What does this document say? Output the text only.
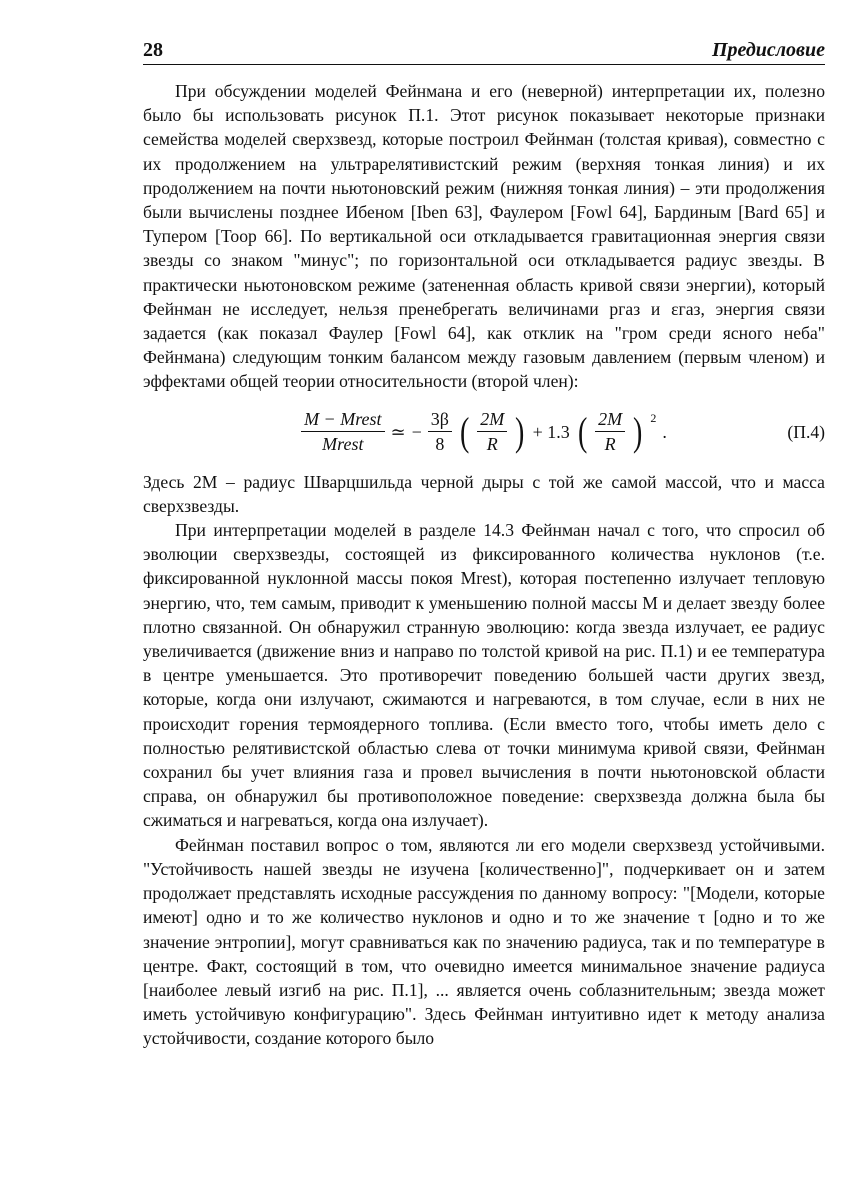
28	Предисловие

При обсуждении моделей Фейнмана и его (неверной) интерпретации их, полезно было бы использовать рисунок П.1. Этот рисунок показывает некоторые признаки семейства моделей сверхзвезд, которые построил Фейнман (толстая кривая), совместно с их продолжением на ультрарелятивистский режим (верхняя тонкая линия) и их продолжением на почти ньютоновский режим (нижняя тонкая линия) – эти продолжения были вычислены позднее Ибеном [Iben 63], Фаулером [Fowl 64], Бардиным [Bard 65] и Тупером [Toop 66]. По вертикальной оси откладывается гравитационная энергия связи звезды со знаком "минус"; по горизонтальной оси откладывается радиус звезды. В практически ньютоновском режиме (затененная область кривой связи энергии), который Фейнман не исследует, нельзя пренебрегать величинами pгаз и εгаз, энергия связи задается (как показал Фаулер [Fowl 64], как отклик на "гром среди ясного неба" Фейнмана) следующим тонким балансом между газовым давлением (первым членом) и эффектами общей теории относительности (второй член):

$\frac{\text{M − Mrest}}{\text{Mrest}}$ ≃ − $\frac{3\beta}{8}$ ( $\frac{2M}{R}$ ) + 1.3 ( $\frac{2M}{R}$ ) 2
.	(П.4)

Здесь 2M – радиус Шварцшильда черной дыры с той же самой массой, что и масса сверхзвезды.

При интерпретации моделей в разделе 14.3 Фейнман начал с того, что спросил об эволюции сверхзвезды, состоящей из фиксированного количества нуклонов (т.е. фиксированной нуклонной массы покоя Mrest), которая постепенно излучает тепловую энергию, что, тем самым, приводит к уменьшению полной массы M и делает звезду более плотно связанной. Он обнаружил странную эволюцию: когда звезда излучает, ее радиус увеличивается (движение вниз и направо по толстой кривой на рис. П.1) и ее температура в центре уменьшается. Это противоречит поведению большей части других звезд, которые, когда они излучают, сжимаются и нагреваются, в том случае, если в них не происходит горения термоядерного топлива. (Если вместо того, чтобы иметь дело с полностью релятивистской областью слева от точки минимума кривой связи, Фейнман сохранил бы учет влияния газа и провел вычисления в почти ньютоновской области справа, он обнаружил бы противоположное поведение: сверхзвезда должна была бы сжиматься и нагреваться, когда она излучает).

Фейнман поставил вопрос о том, являются ли его модели сверхзвезд устойчивыми. "Устойчивость нашей звезды не изучена [количественно]", подчеркивает он и затем продолжает представлять исходные рассуждения по данному вопросу: "[Модели, которые имеют] одно и то же количество нуклонов и одно и то же значение τ [одно и то же значение энтропии], могут сравниваться как по значению радиуса, так и по температуре в центре. Факт, состоящий в том, что очевидно имеется минимальное значение радиуса [наиболее левый изгиб на рис. П.1], ... является очень соблазнительным; звезда может иметь устойчивую конфигурацию". Здесь Фейнман интуитивно идет к методу анализа устойчивости, создание которого было
